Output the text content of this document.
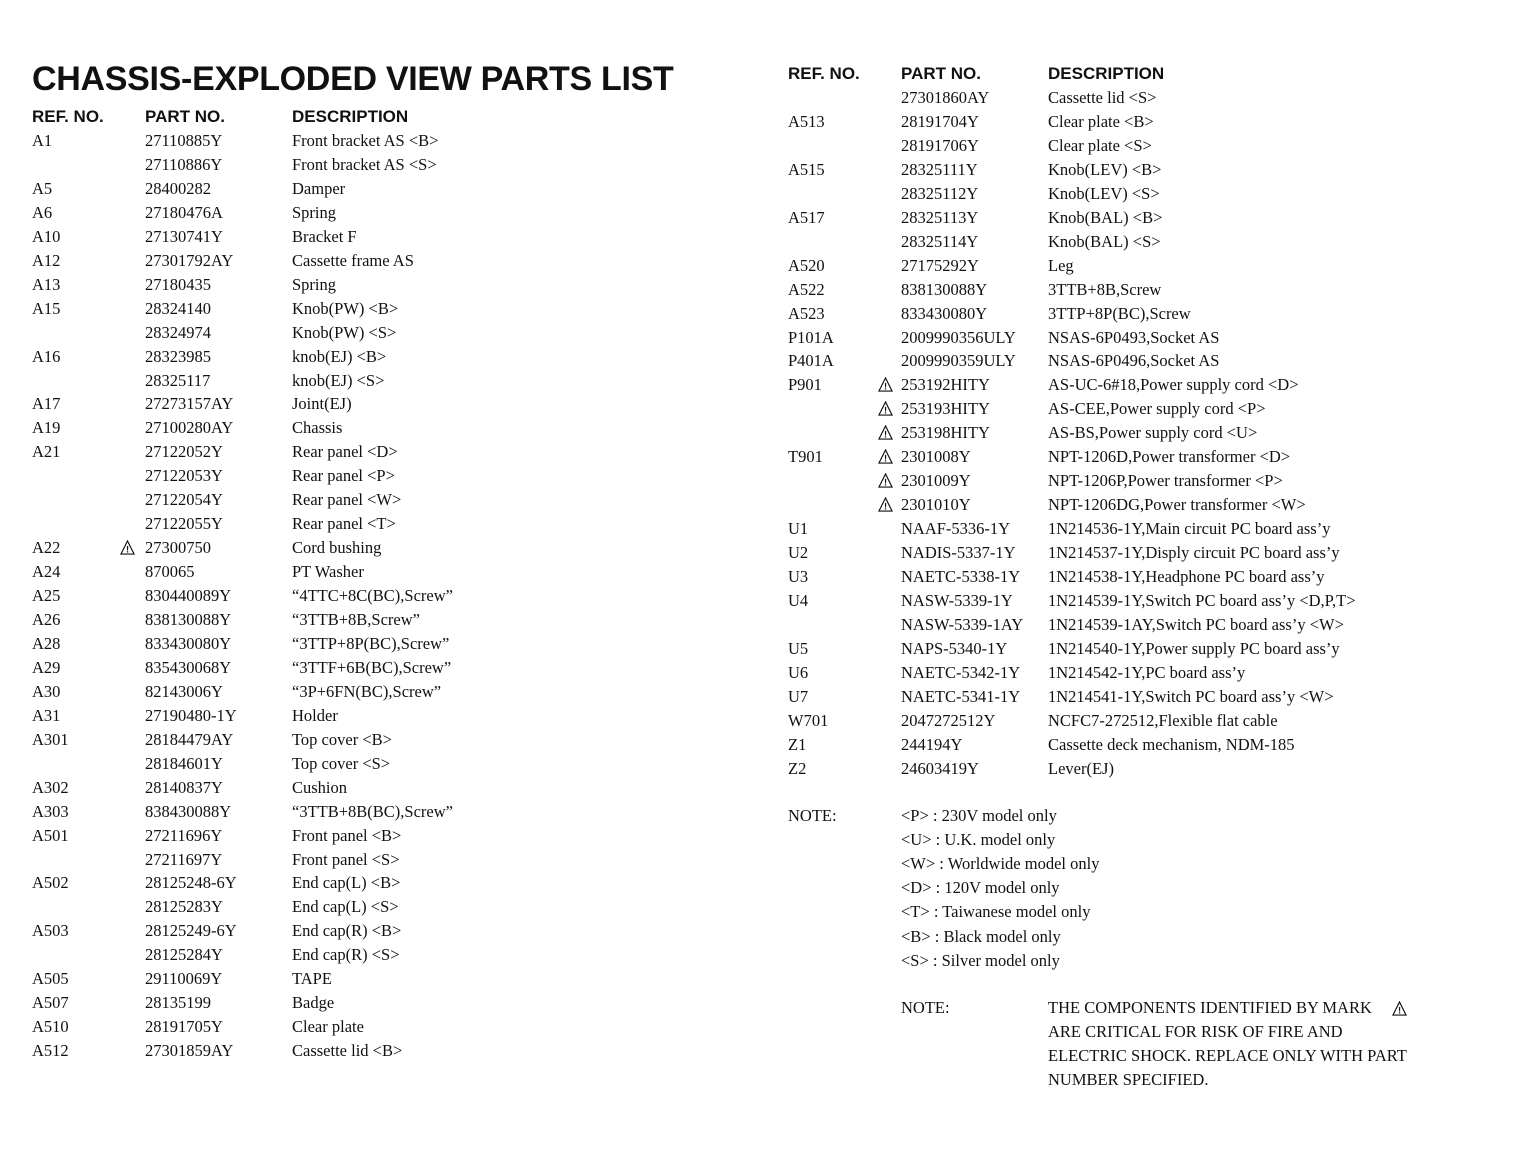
CHASSIS-EXPLODED VIEW PARTS LIST
REF. NO. PART NO.	DESCRIPTION
REF. NO. PART NO.	DESCRIPTION
A1	27110885Y	Front bracket AS <B>
27110886Y	Front bracket AS <S>
A5	28400282	Damper
A6	27180476A	Spring
A10	27130741Y	Bracket F
A12	27301792AY	Cassette frame AS
A13	27180435	Spring
A15	28324140	Knob(PW) <B>
28324974	Knob(PW) <S>
A16	28323985	knob(EJ) <B>
28325117	knob(EJ) <S>
A17	27273157AY	Joint(EJ)
A19	27100280AY	Chassis
A21	27122052Y	Rear panel <D>
27122053Y	Rear panel <P>
27122054Y	Rear panel <W>
27122055Y	Rear panel <T>
A22	27300750	Cord bushing
!
A24	870065	PT Washer
A25	830440089Y	“4TTC+8C(BC),Screw”
A26	838130088Y	“3TTB+8B,Screw”
A28	833430080Y	“3TTP+8P(BC),Screw”
A29	835430068Y	“3TTF+6B(BC),Screw”
A30	82143006Y	“3P+6FN(BC),Screw”
A31	27190480-1Y	Holder
A301	28184479AY	Top cover <B>
28184601Y	Top cover <S>
A302	28140837Y	Cushion
A303	838430088Y	“3TTB+8B(BC),Screw”
A501	27211696Y	Front panel <B>
27211697Y	Front panel <S>
A502	28125248-6Y	End cap(L) <B>
28125283Y	End cap(L) <S>
A503	28125249-6Y	End cap(R) <B>
28125284Y	End cap(R) <S>
A505	29110069Y	TAPE
A507	28135199	Badge
A510	28191705Y	Clear plate
A512	27301859AY	Cassette lid <B>
27301860AY	Cassette lid <S>
A513	28191704Y	Clear plate <B>
28191706Y	Clear plate <S>
A515	28325111Y	Knob(LEV) <B>
28325112Y	Knob(LEV) <S>
A517	28325113Y	Knob(BAL) <B>
28325114Y	Knob(BAL) <S>
A520	27175292Y	Leg
A522	838130088Y	3TTB+8B,Screw
A523	833430080Y	3TTP+8P(BC),Screw
P101A	2009990356ULY NSAS-6P0493,Socket AS
P401A	2009990359ULY NSAS-6P0496,Socket AS
P901	253192HITY	AS-UC-6#18,Power supply cord <D>
!
253193HITY	AS-CEE,Power supply cord <P>
!
253198HITY	AS-BS,Power supply cord <U>
!
T901	2301008Y	NPT-1206D,Power transformer <D>
!
2301009Y	NPT-1206P,Power transformer <P>
!
2301010Y	NPT-1206DG,Power transformer <W>
!
U1	NAAF-5336-1Y 1N214536-1Y,Main circuit PC board ass’y
U2	NADIS-5337-1Y 1N214537-1Y,Disply circuit PC board ass’y
U3	NAETC-5338-1Y 1N214538-1Y,Headphone PC board ass’y
U4	NASW-5339-1Y 1N214539-1Y,Switch PC board ass’y <D,P,T>
NASW-5339-1AY 1N214539-1AY,Switch PC board ass’y <W>
U5	NAPS-5340-1Y 1N214540-1Y,Power supply PC board ass’y
U6	NAETC-5342-1Y 1N214542-1Y,PC board ass’y
U7	NAETC-5341-1Y 1N214541-1Y,Switch PC board ass’y <W>
W701	2047272512Y	NCFC7-272512,Flexible flat cable
Z1	244194Y	Cassette deck mechanism, NDM-185
Z2	24603419Y	Lever(EJ)
NOTE:	<P> : 230V model only
<U> : U.K. model only
<W> : Worldwide model only
<D> : 120V model only
<T> : Taiwanese model only
<B> : Black model only
<S> : Silver model only
NOTE:	THE COMPONENTS IDENTIFIED BY MARK
ARE CRITICAL FOR RISK OF FIRE AND
ELECTRIC SHOCK. REPLACE ONLY WITH PART
NUMBER SPECIFIED.
!
